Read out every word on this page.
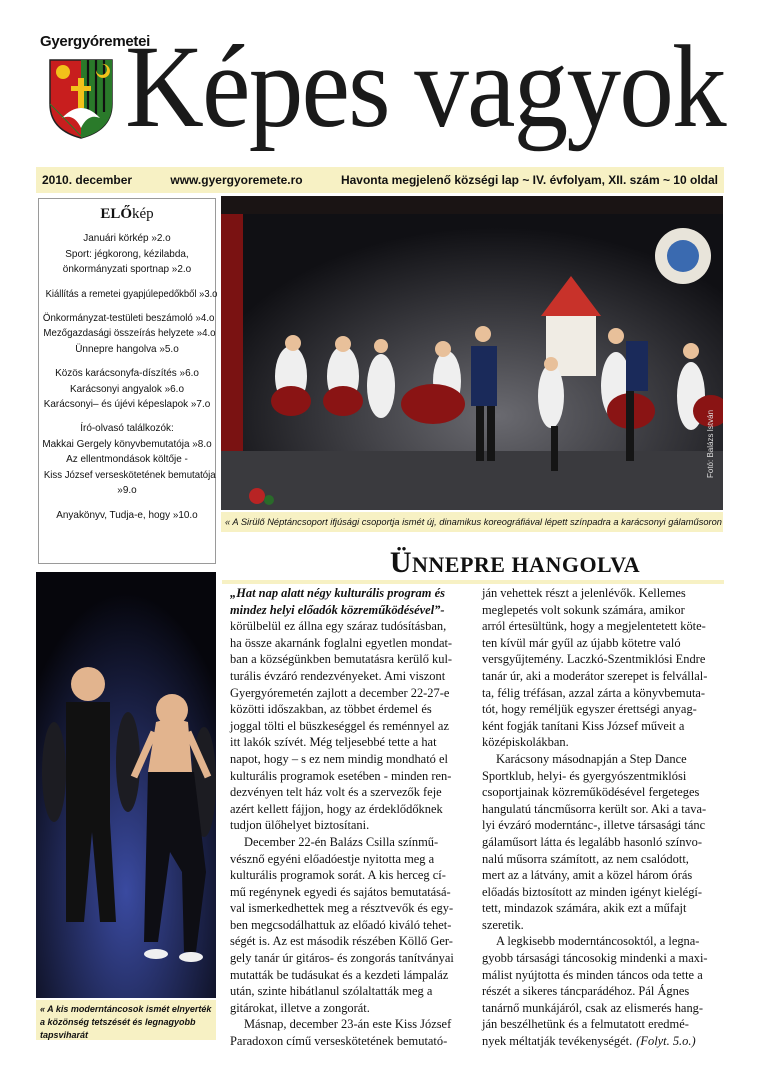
Gyergyóremetei
Képes vagyok
2010. december	www.gyergyoremete.ro	Havonta megjelenő községi lap ~ IV. évfolyam, XII. szám ~ 10 oldal
ELŐkép
Januári körkép »2.o
Sport: jégkorong, kézilabda,
önkormányzati sportnap »2.o
Kiállítás a remetei gyapjúlepedőkből »3.o
Önkormányzat-testületi beszámoló »4.o
Mezőgazdasági összeírás helyzete »4.o
Ünnepre hangolva »5.o
Közös karácsonyfa-díszítés »6.o
Karácsonyi angyalok »6.o
Karácsonyi– és újévi képeslapok »7.o
Író-olvasó találkozók:
Makkai Gergely könyvbemutatója »8.o
Az ellentmondások költője -
Kiss József verseskötetének bemutatója
»9.o
Anyakönyv, Tudja-e, hogy »10.o
Fotó: Balázs István
« A Sirülő Néptáncsoport ifjúsági csoportja ismét új, dinamikus koreográfiával lépett színpadra a karácsonyi gálaműsoron
ÜNNEPRE HANGOLVA
« A kis moderntáncosok ismét elnyerték a közönség tetszését és legnagyobb tapsviharát

„Hat nap alatt négy kulturális program és
mindez helyi előadók közreműködésével”-

körülbelül ez állna egy száraz tudósításban,
ha össze akarnánk foglalni egyetlen mondat-
ban a községünkben bemutatásra kerülő kul-
turális évzáró rendezvényeket. Ami viszont
Gyergyóremetén zajlott a december 22-27-e
közötti időszakban, az többet érdemel és
joggal tölti el büszkeséggel és reménnyel az
itt lakók szívét. Még teljesebbé tette a hat
napot, hogy – s ez nem mindig mondható el
kulturális programok esetében - minden ren-
dezvényen telt ház volt és a szervezők feje
azért kellett fájjon, hogy az érdeklődőknek
tudjon ülőhelyet biztosítani.

December 22-én Balázs Csilla színmű-
vésznő egyéni előadóestje nyitotta meg a
kulturális programok sorát. A kis herceg cí-
mű regénynek egyedi és sajátos bemutatásá-
val ismerkedhettek meg a résztvevők és egy-
ben megcsodálhattuk az előadó kiváló tehet-
ségét is. Az est második részében Köllő Ger-
gely tanár úr gitáros- és zongorás tanítványai
mutatták be tudásukat és a kezdeti lámpaláz
után, szinte hibátlanul szólaltatták meg a
gitárokat, illetve a zongorát.

Másnap, december 23-án este Kiss József
Paradoxon című verseskötetének bemutató-

ján vehettek részt a jelenlévők. Kellemes
meglepetés volt sokunk számára, amikor
arról értesültünk, hogy a megjelentetett köte-
ten kívül már gyűl az újabb kötetre való
versgyűjtemény. Laczkó-Szentmiklósi Endre
tanár úr, aki a moderátor szerepet is felvállal-
ta, félig tréfásan, azzal zárta a könyvbemuta-
tót, hogy reméljük egyszer érettségi anyag-
ként fogják tanítani Kiss József műveit a
középiskolákban.

Karácsony másodnapján a Step Dance
Sportklub, helyi- és gyergyószentmiklósi
csoportjainak közreműködésével fergeteges
hangulatú táncműsorra került sor. Aki a tava-
lyi évzáró moderntánc-, illetve társasági tánc
gálaműsort látta és legalább hasonló színvo-
nalú műsorra számított, az nem csalódott,
mert az a látvány, amit a közel három órás
előadás biztosított az minden igényt kielégí-
tett, mindazok számára, akik ezt a műfajt
szeretik.

A legkisebb moderntáncosoktól, a legna-
gyobb társasági táncosokig mindenki a maxi-
málist nyújtotta és minden táncos oda tette a
részét a sikeres táncparádéhoz. Pál Ágnes
tanárnő munkájáról, csak az elismerés hang-
ján beszélhetünk és a felmutatott eredmé-
nyek méltatják tevékenységét. (Folyt. 5.o.)
